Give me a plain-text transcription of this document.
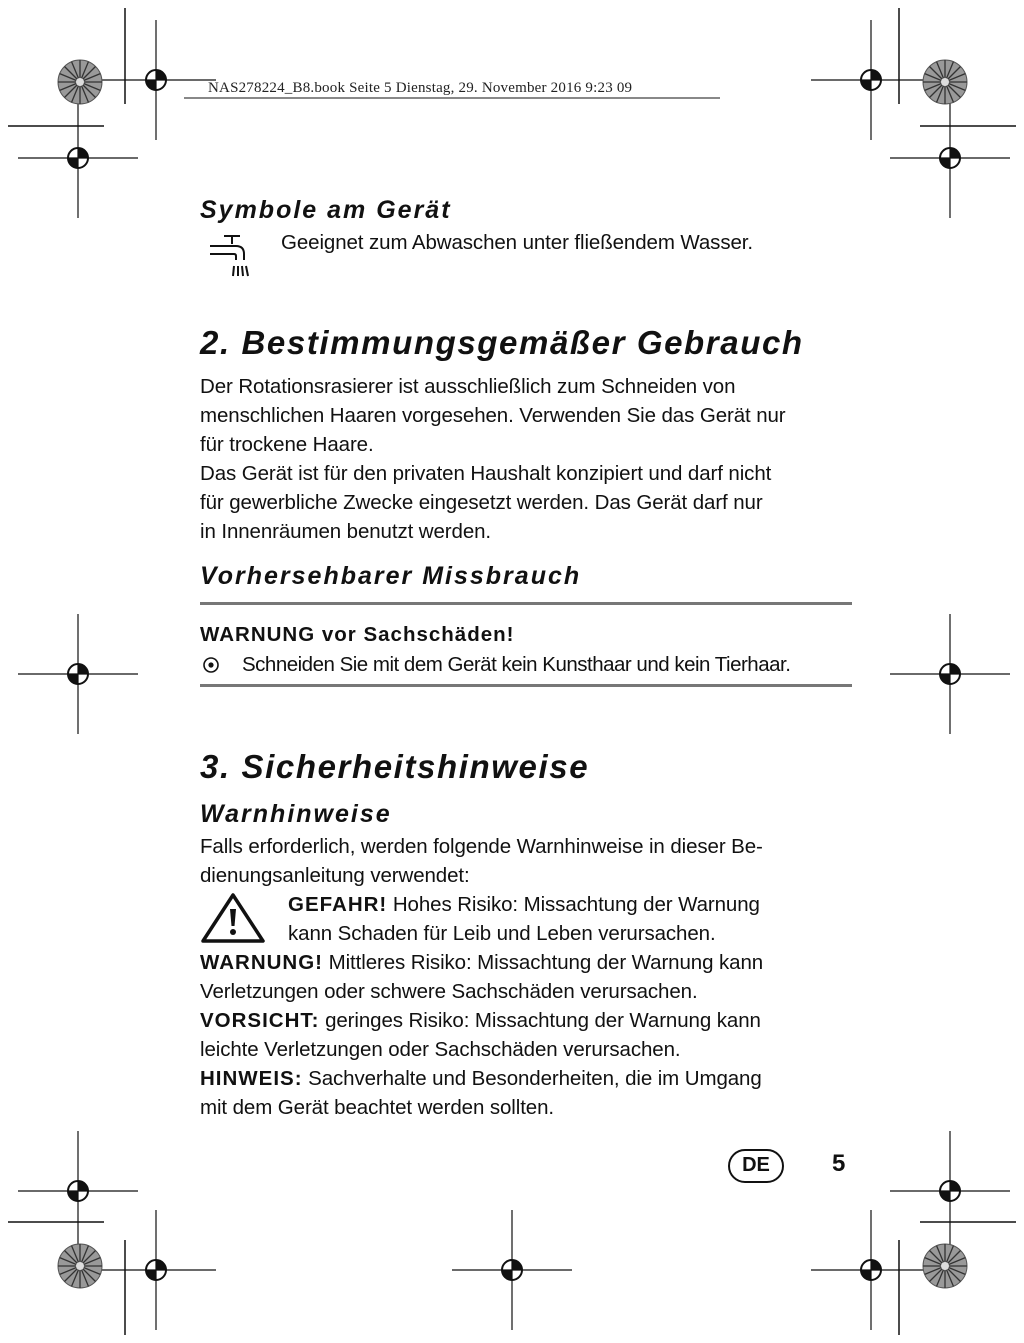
NAS278224_B8.book Seite 5 Dienstag, 29. November 2016 9:23 09
Symbole am Gerät
Geeignet zum Abwaschen unter fließendem Wasser.
2. Bestimmungsgemäßer Gebrauch
Der Rotationsrasierer ist ausschließlich zum Schneiden von
menschlichen Haaren vorgesehen. Verwenden Sie das Gerät nur
für trockene Haare.
Das Gerät ist für den privaten Haushalt konzipiert und darf nicht
für gewerbliche Zwecke eingesetzt werden. Das Gerät darf nur
in Innenräumen benutzt werden.
Vorhersehbarer Missbrauch
WARNUNG vor Sachschäden!
Schneiden Sie mit dem Gerät kein Kunsthaar und kein Tierhaar.
3. Sicherheitshinweise
Warnhinweise
Falls erforderlich, werden folgende Warnhinweise in dieser Be-
dienungsanleitung verwendet:
GEFAHR! Hohes Risiko: Missachtung der Warnung
kann Schaden für Leib und Leben verursachen.
WARNUNG! Mittleres Risiko: Missachtung der Warnung kann
Verletzungen oder schwere Sachschäden verursachen.
VORSICHT: geringes Risiko: Missachtung der Warnung kann
leichte Verletzungen oder Sachschäden verursachen.
HINWEIS: Sachverhalte und Besonderheiten, die im Umgang
mit dem Gerät beachtet werden sollten.
DE	5
